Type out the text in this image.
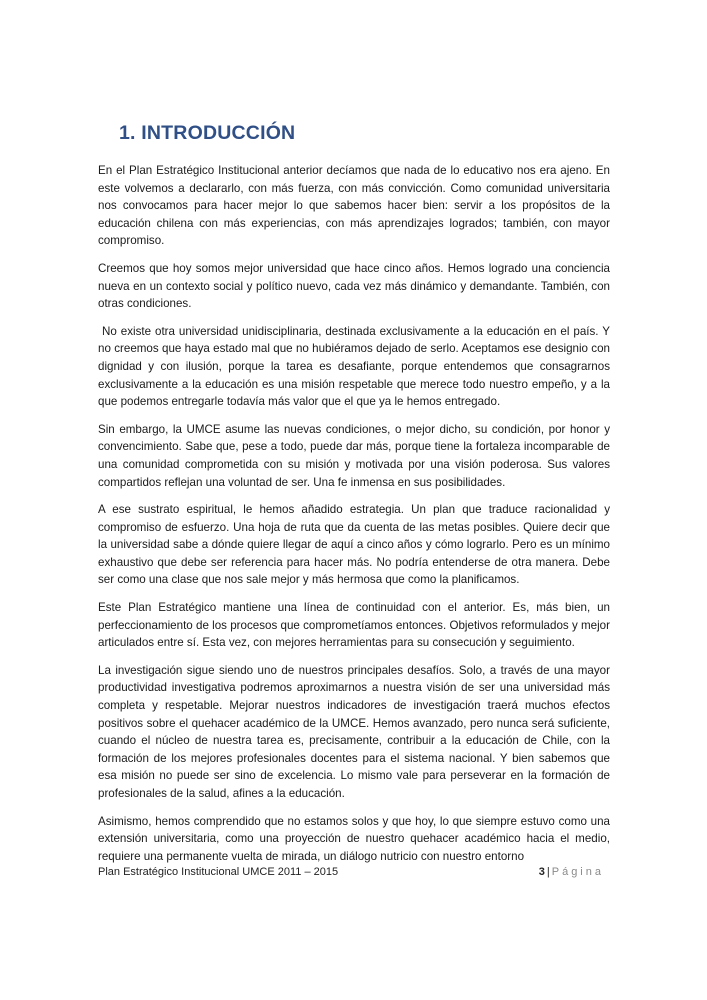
1. INTRODUCCIÓN

En el Plan Estratégico Institucional anterior decíamos que nada de lo educativo nos era ajeno. En este volvemos a declararlo, con más fuerza, con más convicción. Como comunidad universitaria nos convocamos para hacer mejor lo que sabemos hacer bien: servir a los propósitos de la educación chilena con más experiencias, con más aprendizajes logrados; también, con mayor compromiso.

Creemos que hoy somos mejor universidad que hace cinco años. Hemos logrado una conciencia nueva en un contexto social y político nuevo, cada vez más dinámico y demandante. También, con otras condiciones.

No existe otra universidad unidisciplinaria, destinada exclusivamente a la educación en el país. Y no creemos que haya estado mal que no hubiéramos dejado de serlo. Aceptamos ese designio con dignidad y con ilusión, porque la tarea es desafiante, porque entendemos que consagrarnos exclusivamente a la educación es una misión respetable que merece todo nuestro empeño, y a la que podemos entregarle todavía más valor que el que ya le hemos entregado.

Sin embargo, la UMCE asume las nuevas condiciones, o mejor dicho, su condición, por honor y convencimiento. Sabe que, pese a todo, puede dar más, porque tiene la fortaleza incomparable de una comunidad comprometida con su misión y motivada por una visión poderosa. Sus valores compartidos reflejan una voluntad de ser. Una fe inmensa en sus posibilidades.

A ese sustrato espiritual, le hemos añadido estrategia. Un plan que traduce racionalidad y compromiso de esfuerzo. Una hoja de ruta que da cuenta de las metas posibles. Quiere decir que la universidad sabe a dónde quiere llegar de aquí a cinco años y cómo lograrlo. Pero es un mínimo exhaustivo que debe ser referencia para hacer más. No podría entenderse de otra manera. Debe ser como una clase que nos sale mejor y más hermosa que como la planificamos.

Este Plan Estratégico mantiene una línea de continuidad con el anterior. Es, más bien, un perfeccionamiento de los procesos que comprometíamos entonces. Objetivos reformulados y mejor articulados entre sí. Esta vez, con mejores herramientas para su consecución y seguimiento.

La investigación sigue siendo uno de nuestros principales desafíos. Solo, a través de una mayor productividad investigativa podremos aproximarnos a nuestra visión de ser una universidad más completa y respetable. Mejorar nuestros indicadores de investigación traerá muchos efectos positivos sobre el quehacer académico de la UMCE. Hemos avanzado, pero nunca será suficiente, cuando el núcleo de nuestra tarea es, precisamente, contribuir a la educación de Chile, con la formación de los mejores profesionales docentes para el sistema nacional. Y bien sabemos que esa misión no puede ser sino de excelencia. Lo mismo vale para perseverar en la formación de profesionales de la salud, afines a la educación.

Asimismo, hemos comprendido que no estamos solos y que hoy, lo que siempre estuvo como una extensión universitaria, como una proyección de nuestro quehacer académico hacia el medio, requiere una permanente vuelta de mirada, un diálogo nutricio con nuestro entorno

Plan Estratégico Institucional UMCE 2011 – 2015	3 | Página
